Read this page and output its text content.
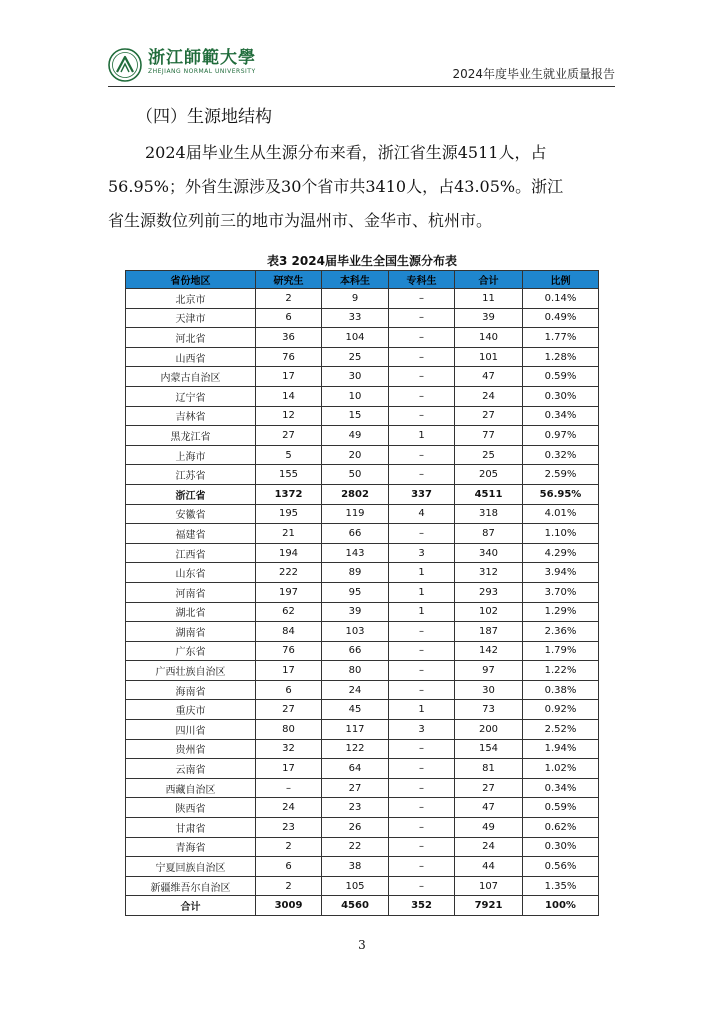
浙江師範大學
ZHEJIANG NORMAL UNIVERSITY	2024年度毕业生就业质量报告
（四）生源地结构
2024届毕业生从生源分布来看，浙江省生源4511人，占
56.95%；外省生源涉及30个省市共3410人，占43.05%。浙江
省生源数位列前三的地市为温州市、金华市、杭州市。
表3 2024届毕业生全国生源分布表
省份地区	研究生	本科生	专科生	合计	比例
北京市	2	9	–	11	0.14%
天津市	6	33	–	39	0.49%
河北省	36	104	–	140	1.77%
山西省	76	25	–	101	1.28%
内蒙古自治区	17	30	–	47	0.59%
辽宁省	14	10	–	24	0.30%
吉林省	12	15	–	27	0.34%
黑龙江省	27	49	1	77	0.97%
上海市	5	20	–	25	0.32%
江苏省	155	50	–	205	2.59%
浙江省	1372	2802	337	4511	56.95%
安徽省	195	119	4	318	4.01%
福建省	21	66	–	87	1.10%
江西省	194	143	3	340	4.29%
山东省	222	89	1	312	3.94%
河南省	197	95	1	293	3.70%
湖北省	62	39	1	102	1.29%
湖南省	84	103	–	187	2.36%
广东省	76	66	–	142	1.79%
广西壮族自治区	17	80	–	97	1.22%
海南省	6	24	–	30	0.38%
重庆市	27	45	1	73	0.92%
四川省	80	117	3	200	2.52%
贵州省	32	122	–	154	1.94%
云南省	17	64	–	81	1.02%
西藏自治区	–	27	–	27	0.34%
陕西省	24	23	–	47	0.59%
甘肃省	23	26	–	49	0.62%
青海省	2	22	–	24	0.30%
宁夏回族自治区	6	38	–	44	0.56%
新疆维吾尔自治区	2	105	–	107	1.35%
合计	3009	4560	352	7921	100%
3
